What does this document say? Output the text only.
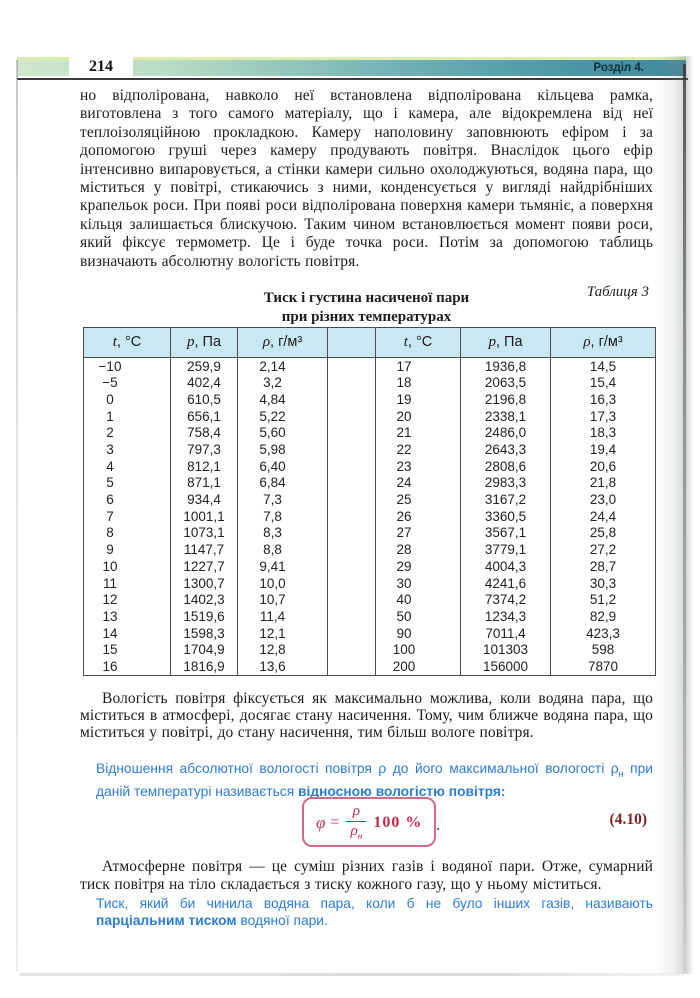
214	Розділ 4.

но відполірована, навколо неї встановлена відполірована кільцева рамка, виготовлена з того самого матеріалу, що і камера, але відокремлена від неї теплоізоляційною прокладкою. Камеру наполовину заповнюють ефіром і за допомогою груші через камеру продувають повітря. Внаслідок цього ефір інтенсивно випаровується, а стінки камери сильно охолоджуються, водяна пара, що міститься у повітрі, стикаючись з ними, конденсується у вигляді найдрібніших крапельок роси. При появі роси відполірована поверхня камери тьмяніє, а поверхня кільця залишається блискучою. Таким чином встановлюється момент появи роси, який фіксує термометр. Це і буде точка роси. Потім за допомогою таблиць визначають абсолютну вологість повітря.

Таблиця 3
Тиск і густина насиченої пари
при різних температурах
t, °C	p, Па	ρ, г/м³		t, °C	p, Па	ρ, г/м³
−10	259,9	2,14		17	1936,8	14,5
−5	402,4	3,2		18	2063,5	15,4
0	610,5	4,84		19	2196,8	16,3
1	656,1	5,22		20	2338,1	17,3
2	758,4	5,60		21	2486,0	18,3
3	797,3	5,98		22	2643,3	19,4
4	812,1	6,40		23	2808,6	20,6
5	871,1	6,84		24	2983,3	21,8
6	934,4	7,3		25	3167,2	23,0
7	1001,1	7,8		26	3360,5	24,4
8	1073,1	8,3		27	3567,1	25,8
9	1147,7	8,8		28	3779,1	27,2
10	1227,7	9,41		29	4004,3	28,7
11	1300,7	10,0		30	4241,6	30,3
12	1402,3	10,7		40	7374,2	51,2
13	1519,6	11,4		50	1234,3	82,9
14	1598,3	12,1		90	7011,4	423,3
15	1704,9	12,8		100	101303	598
16	1816,9	13,6		200	156000	7870

Вологість повітря фіксується як максимально можлива, коли водяна пара, що міститься в атмосфері, досягає стану насичення. Тому, чим ближче водяна пара, що міститься у повітрі, до стану насичення, тим більш вологе повітря.

Відношення абсолютної вологості повітря ρ до його максимальної вологості $\rho_н$ при даній температурі називається відносною вологістю повітря:

$\varphi = \frac{\rho}{\rho_н} 100$ % .	(4.10)

Атмосферне повітря — це суміш різних газів і водяної пари. Отже, сумарний тиск повітря на тіло складається з тиску кожного газу, що у ньому міститься.

Тиск, який би чинила водяна пара, коли б не було інших газів, називають парціальним тиском водяної пари.
